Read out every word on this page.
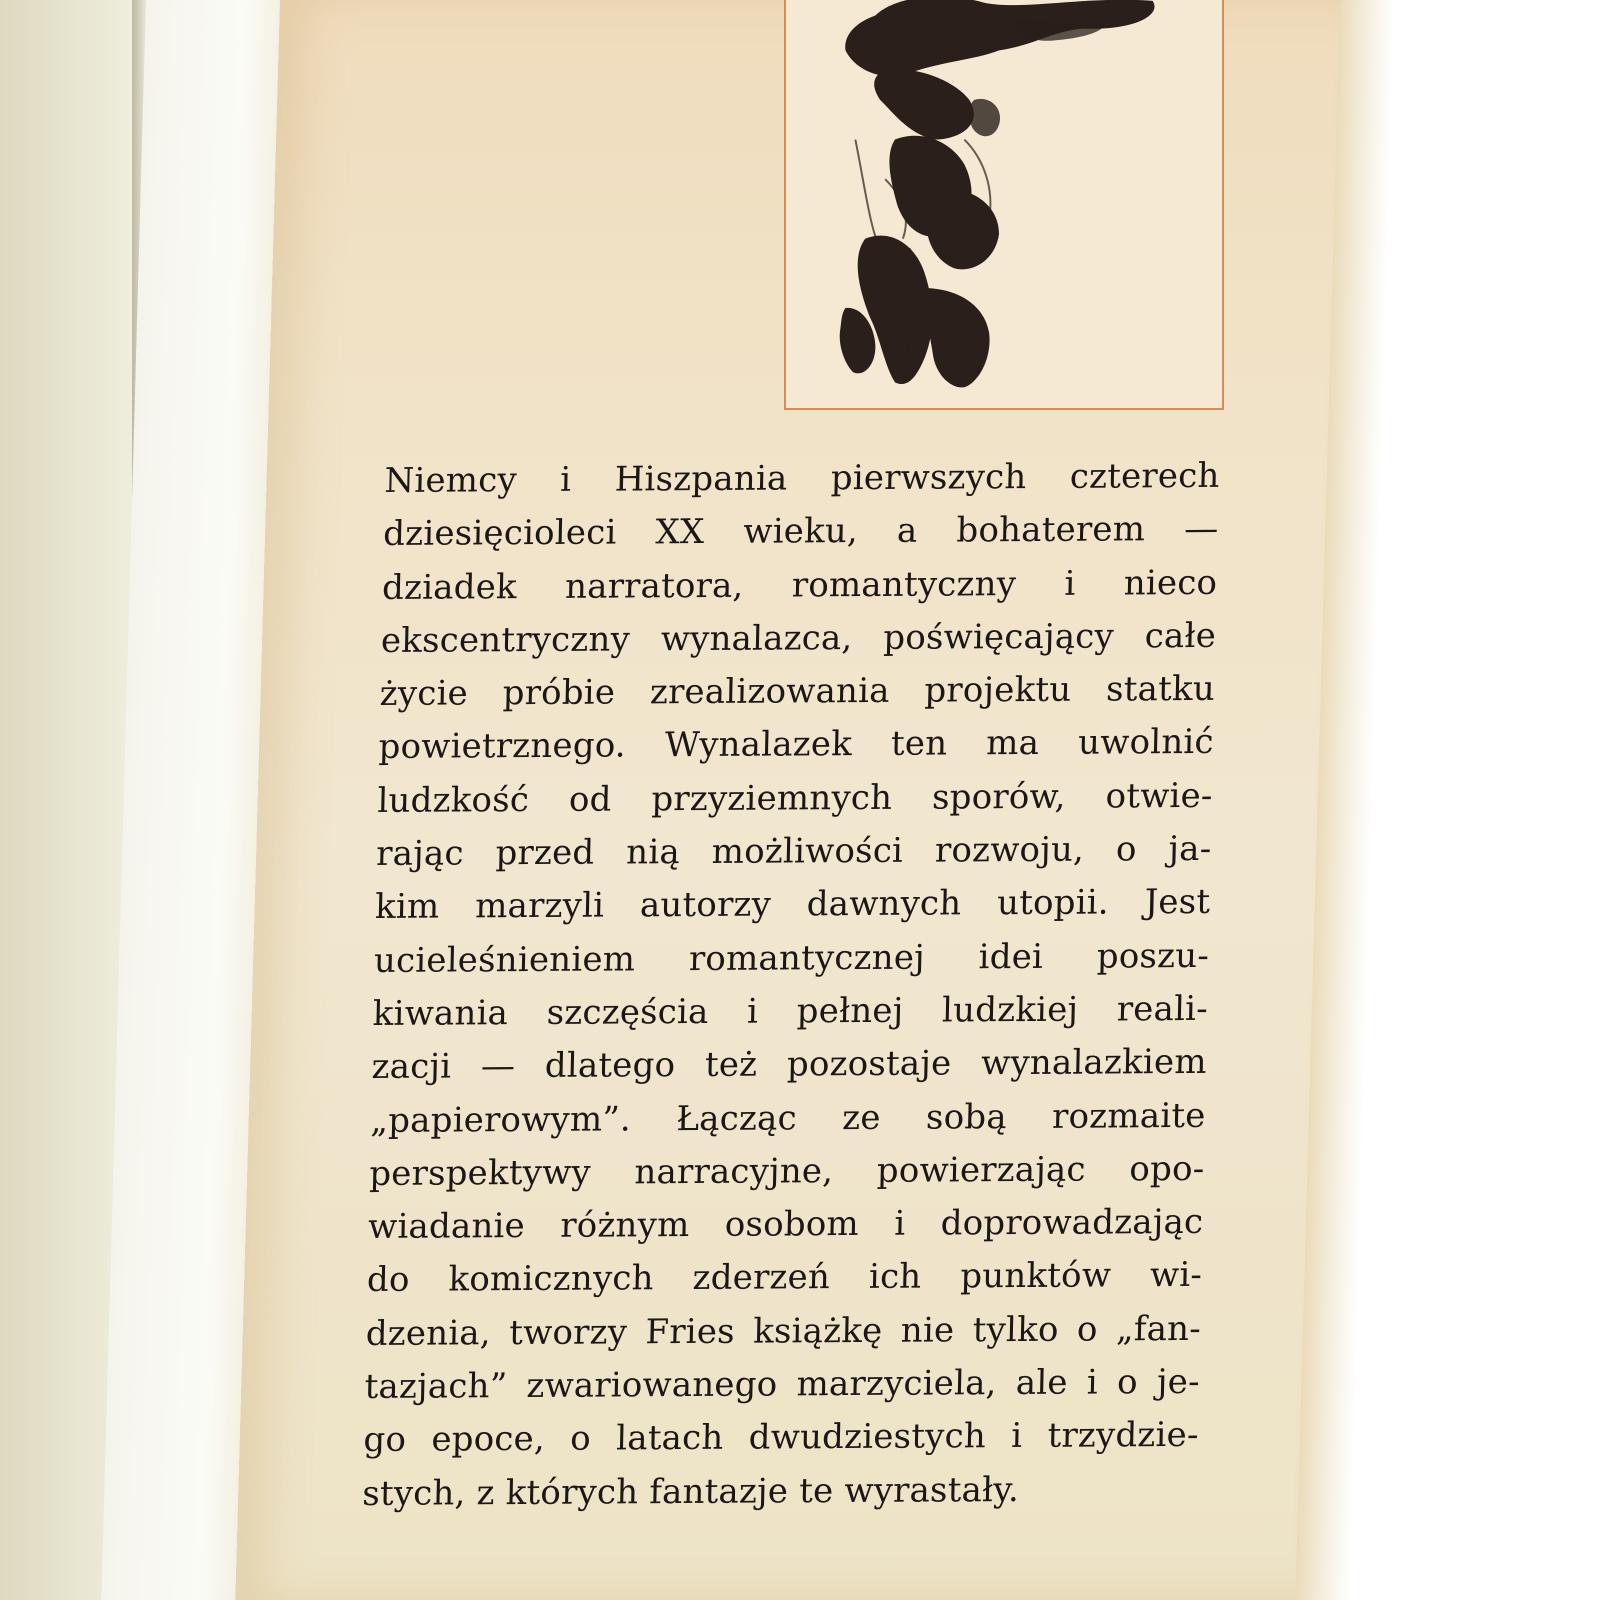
Niemcy i Hiszpania pierwszych czterech
dziesięcioleci XX wieku, a bohaterem —
dziadek narratora, romantyczny i nieco
ekscentryczny wynalazca, poświęcający całe
życie próbie zrealizowania projektu statku
powietrznego. Wynalazek ten ma uwolnić
ludzkość od przyziemnych sporów, otwie-
rając przed nią możliwości rozwoju, o ja-
kim marzyli autorzy dawnych utopii. Jest
ucieleśnieniem romantycznej idei poszu-
kiwania szczęścia i pełnej ludzkiej reali-
zacji — dlatego też pozostaje wynalazkiem
„papierowym”. Łącząc ze sobą rozmaite
perspektywy narracyjne, powierzając opo-
wiadanie różnym osobom i doprowadzając
do komicznych zderzeń ich punktów wi-
dzenia, tworzy Fries książkę nie tylko o „fan-
tazjach” zwariowanego marzyciela, ale i o je-
go epoce, o latach dwudziestych i trzydzie-
stych, z których fantazje te wyrastały.
